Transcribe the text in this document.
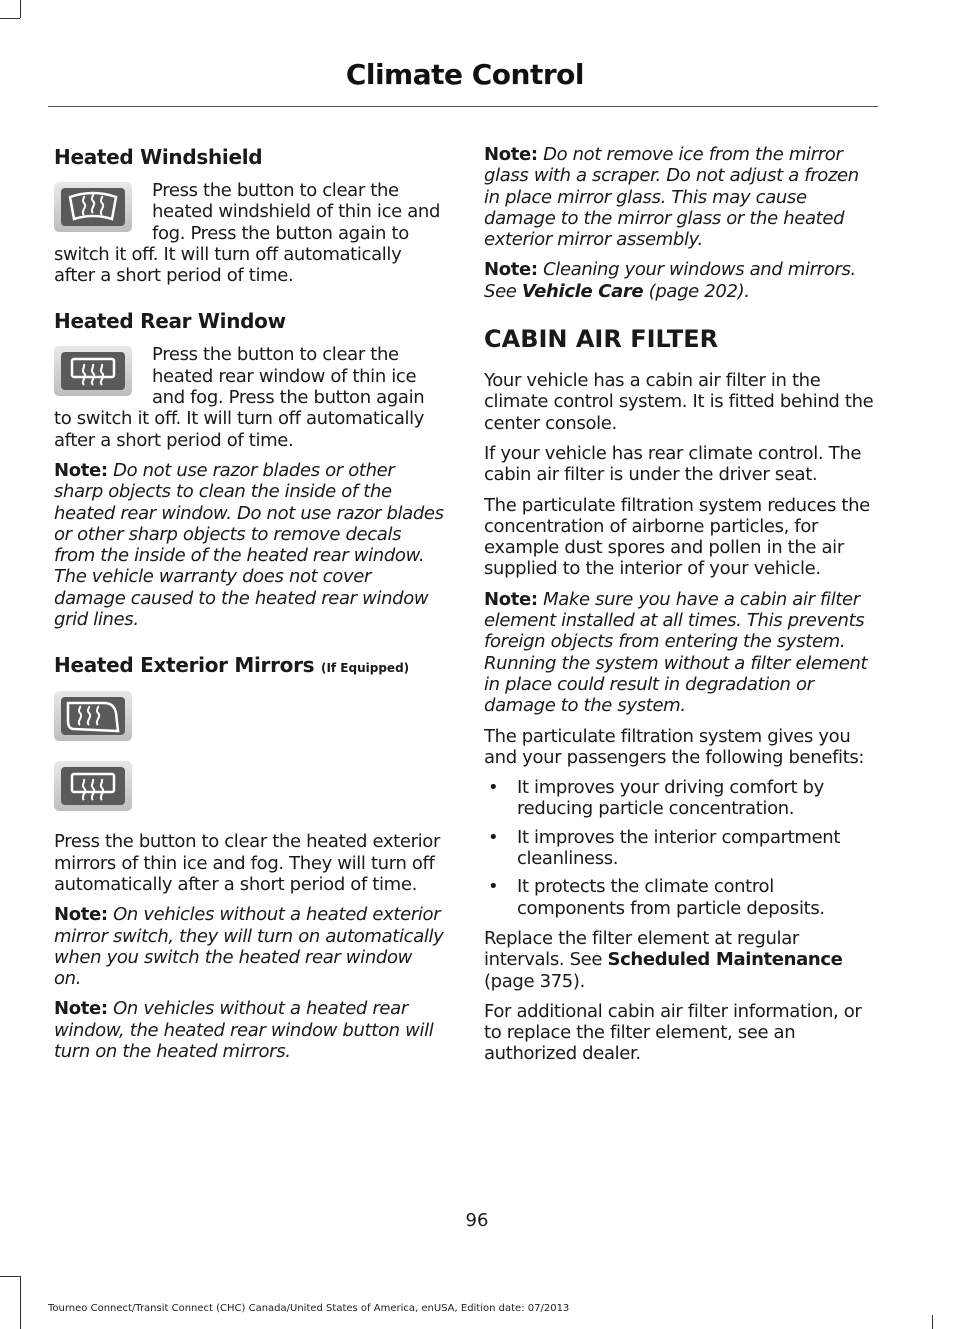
Climate Control
Heated Windshield
Press the button to clear the heated windshield of thin ice and fog. Press the button again to switch it off. It will turn off automatically after a short period of time.
Heated Rear Window
Press the button to clear the heated rear window of thin ice and fog. Press the button again to switch it off. It will turn off automatically after a short period of time.
Note: Do not use razor blades or other sharp objects to clean the inside of the heated rear window. Do not use razor blades or other sharp objects to remove decals from the inside of the heated rear window. The vehicle warranty does not cover damage caused to the heated rear window grid lines.
Heated Exterior Mirrors (If Equipped)
Press the button to clear the heated exterior mirrors of thin ice and fog. They will turn off automatically after a short period of time.
Note: On vehicles without a heated exterior mirror switch, they will turn on automatically when you switch the heated rear window on.
Note: On vehicles without a heated rear window, the heated rear window button will turn on the heated mirrors.
Note: Do not remove ice from the mirror glass with a scraper. Do not adjust a frozen in place mirror glass. This may cause damage to the mirror glass or the heated exterior mirror assembly.
Note: Cleaning your windows and mirrors. See Vehicle Care (page 202).
CABIN AIR FILTER
Your vehicle has a cabin air filter in the climate control system. It is fitted behind the center console.
If your vehicle has rear climate control. The cabin air filter is under the driver seat.
The particulate filtration system reduces the concentration of airborne particles, for example dust spores and pollen in the air supplied to the interior of your vehicle.
Note: Make sure you have a cabin air filter element installed at all times. This prevents foreign objects from entering the system. Running the system without a filter element in place could result in degradation or damage to the system.
The particulate filtration system gives you and your passengers the following benefits:
• It improves your driving comfort by reducing particle concentration.
• It improves the interior compartment cleanliness.
• It protects the climate control components from particle deposits.
Replace the filter element at regular intervals. See Scheduled Maintenance (page 375).
For additional cabin air filter information, or to replace the filter element, see an authorized dealer.
96
Tourneo Connect/Transit Connect (CHC) Canada/United States of America, enUSA, Edition date: 07/2013
